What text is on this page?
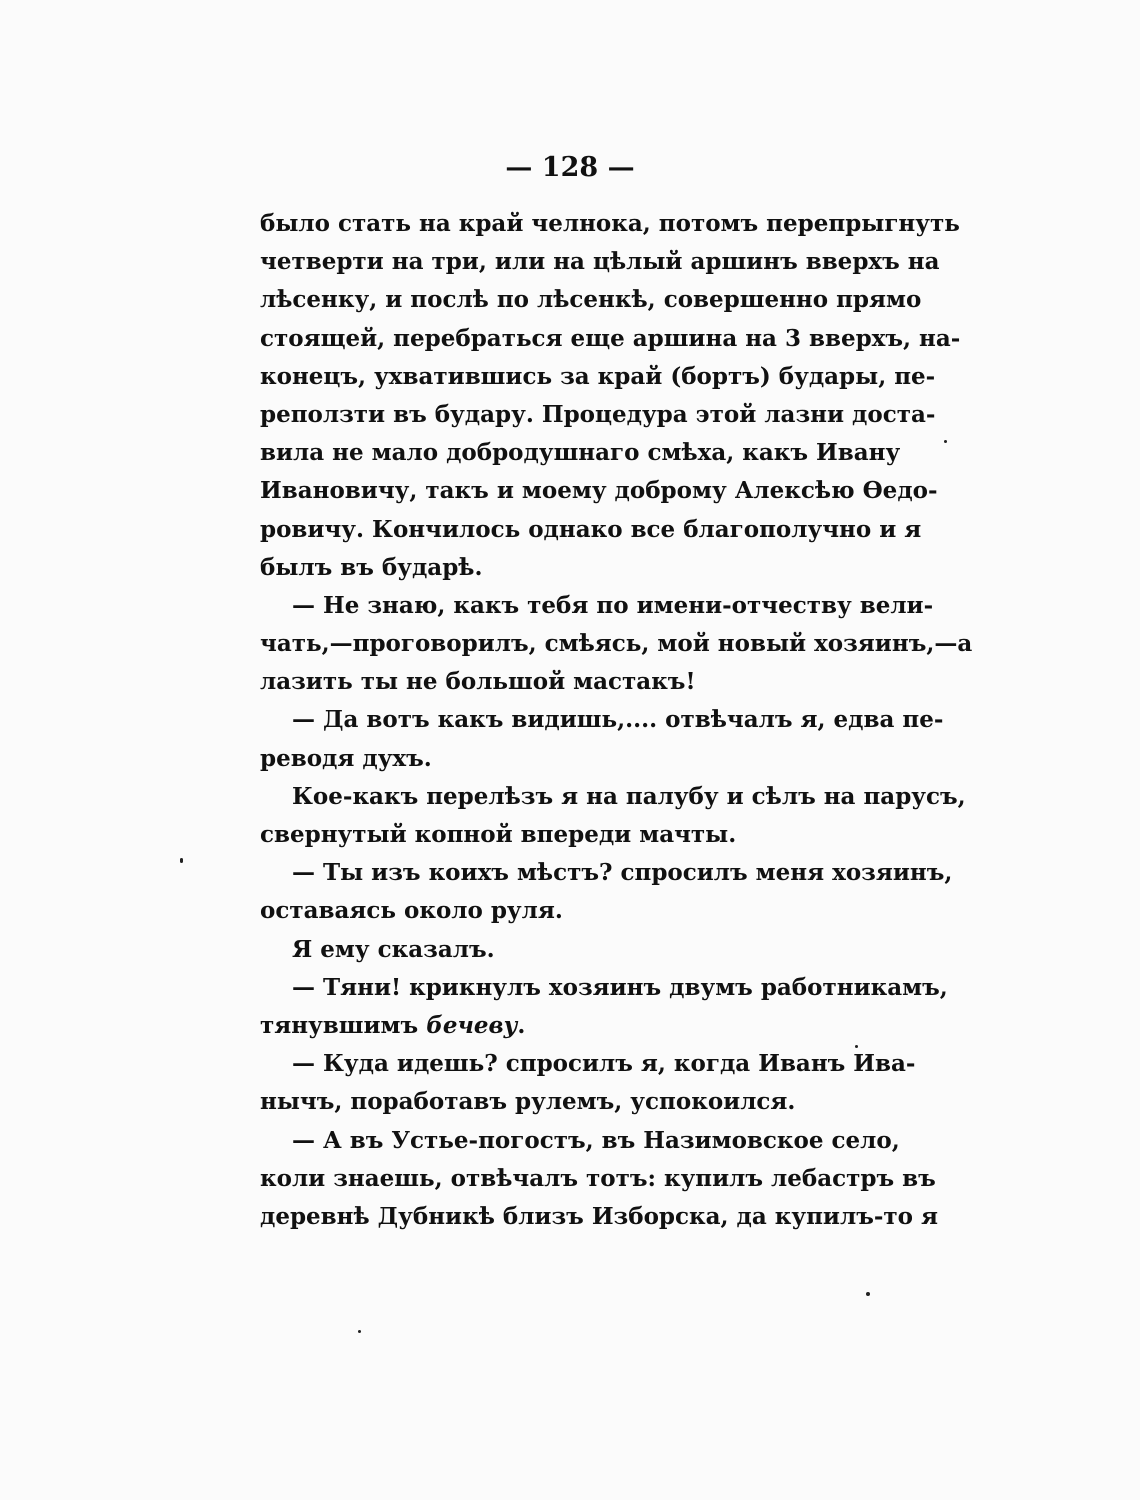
— 128 —
было стать на край челнока, потомъ перепрыгнуть
четверти на три, или на цѣлый аршинъ вверхъ на
лѣсенку, и послѣ по лѣсенкѣ, совершенно прямо
стоящей, перебраться еще аршина на 3 вверхъ, на-
конецъ, ухватившись за край (бортъ) будары, пе-
реползти въ будару. Процедура этой лазни доста-
вила не мало добродушнаго смѣха, какъ Ивану
Ивановичу, такъ и моему доброму Алексѣю Ѳедо-
ровичу. Кончилось однако все благополучно и я
былъ въ бударѣ.
— Не знаю, какъ тебя по имени-отчеству вели-
чать,—проговорилъ, смѣясь, мой новый хозяинъ,—а
лазить ты не большой мастакъ!
— Да вотъ какъ видишь,.... отвѣчалъ я, едва пе-
реводя духъ.
Кое-какъ перелѣзъ я на палубу и сѣлъ на парусъ,
свернутый копной впереди мачты.
— Ты изъ коихъ мѣстъ? спросилъ меня хозяинъ,
оставаясь около руля.
Я ему сказалъ.
— Тяни! крикнулъ хозяинъ двумъ работникамъ,
тянувшимъ бечеву.
— Куда идешь? спросилъ я, когда Иванъ Ива-
нычъ, поработавъ рулемъ, успокоился.
— А въ Устье-погостъ, въ Назимовское село,
коли знаешь, отвѣчалъ тотъ: купилъ лебастръ въ
деревнѣ Дубникѣ близъ Изборска, да купилъ-то я
